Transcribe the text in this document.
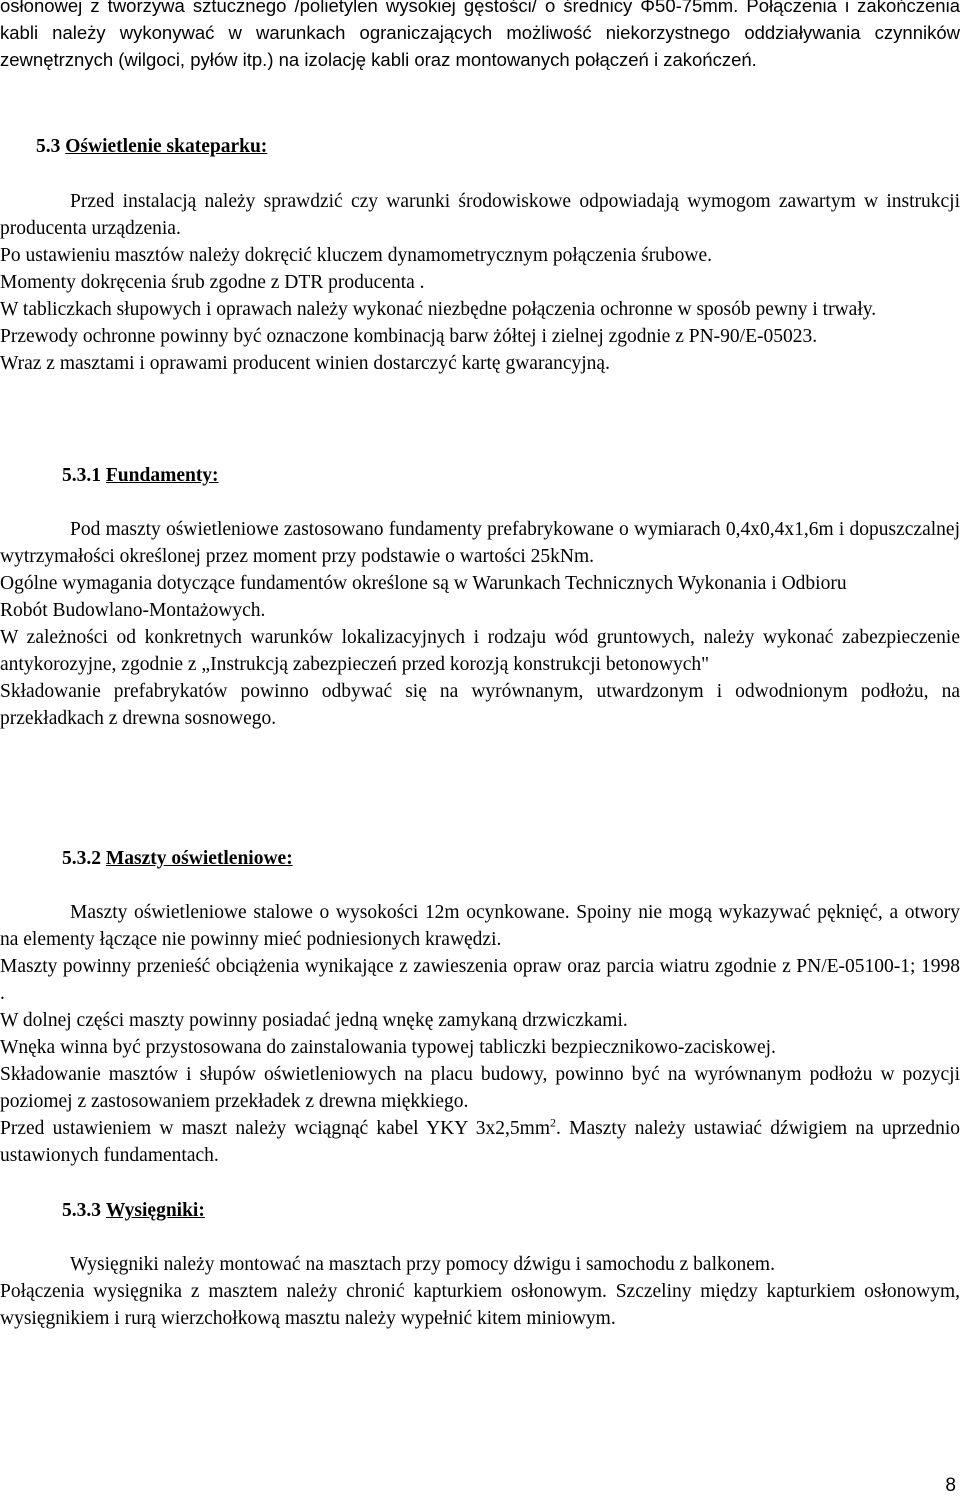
osłonowej z tworzywa sztucznego /polietylen wysokiej gęstości/ o średnicy Φ50-75mm. Połączenia i zakończenia kabli należy wykonywać w warunkach ograniczających możliwość niekorzystnego oddziaływania czynników zewnętrznych (wilgoci, pyłów itp.) na izolację kabli oraz montowanych połączeń i zakończeń.

5.3 Oświetlenie skateparku:

Przed instalacją należy sprawdzić czy warunki środowiskowe odpowiadają wymogom zawartym w instrukcji producenta urządzenia.

Po ustawieniu masztów należy dokręcić kluczem dynamometrycznym połączenia śrubowe.

Momenty dokręcenia śrub zgodne z DTR producenta .

W tabliczkach słupowych i oprawach należy wykonać niezbędne połączenia ochronne w sposób pewny i trwały.

Przewody ochronne powinny być oznaczone kombinacją barw żółtej i zielnej zgodnie z PN-90/E-05023.

Wraz z masztami i oprawami producent winien dostarczyć kartę gwarancyjną.

5.3.1 Fundamenty:

Pod maszty oświetleniowe zastosowano fundamenty prefabrykowane o wymiarach 0,4x0,4x1,6m i dopuszczalnej wytrzymałości określonej przez moment przy podstawie o wartości 25kNm.

Ogólne wymagania dotyczące fundamentów określone są w Warunkach Technicznych Wykonania i Odbioru

Robót Budowlano-Montażowych.

W zależności od konkretnych warunków lokalizacyjnych i rodzaju wód gruntowych, należy wykonać zabezpieczenie antykorozyjne, zgodnie z „Instrukcją zabezpieczeń przed korozją konstrukcji betonowych"

Składowanie prefabrykatów powinno odbywać się na wyrównanym, utwardzonym i odwodnionym podłożu, na przekładkach z drewna sosnowego.

5.3.2 Maszty oświetleniowe:

Maszty oświetleniowe stalowe o wysokości 12m ocynkowane. Spoiny nie mogą wykazywać pęknięć, a otwory na elementy łączące nie powinny mieć podniesionych krawędzi.

Maszty powinny przenieść obciążenia wynikające z zawieszenia opraw oraz parcia wiatru zgodnie z PN/E-05100-1; 1998 .

W dolnej części maszty powinny posiadać jedną wnękę zamykaną drzwiczkami.

Wnęka winna być przystosowana do zainstalowania typowej tabliczki bezpiecznikowo-zaciskowej.

Składowanie masztów i słupów oświetleniowych na placu budowy, powinno być na wyrównanym podłożu w pozycji poziomej z zastosowaniem przekładek z drewna miękkiego.

Przed ustawieniem w maszt należy wciągnąć kabel YKY $3x2,5mm^2$. Maszty należy ustawiać dźwigiem na uprzednio ustawionych fundamentach.

5.3.3 Wysięgniki:

Wysięgniki należy montować na masztach przy pomocy dźwigu i samochodu z balkonem.

Połączenia wysięgnika z masztem należy chronić kapturkiem osłonowym. Szczeliny między kapturkiem osłonowym, wysięgnikiem i rurą wierzchołkową masztu należy wypełnić kitem miniowym.

8
